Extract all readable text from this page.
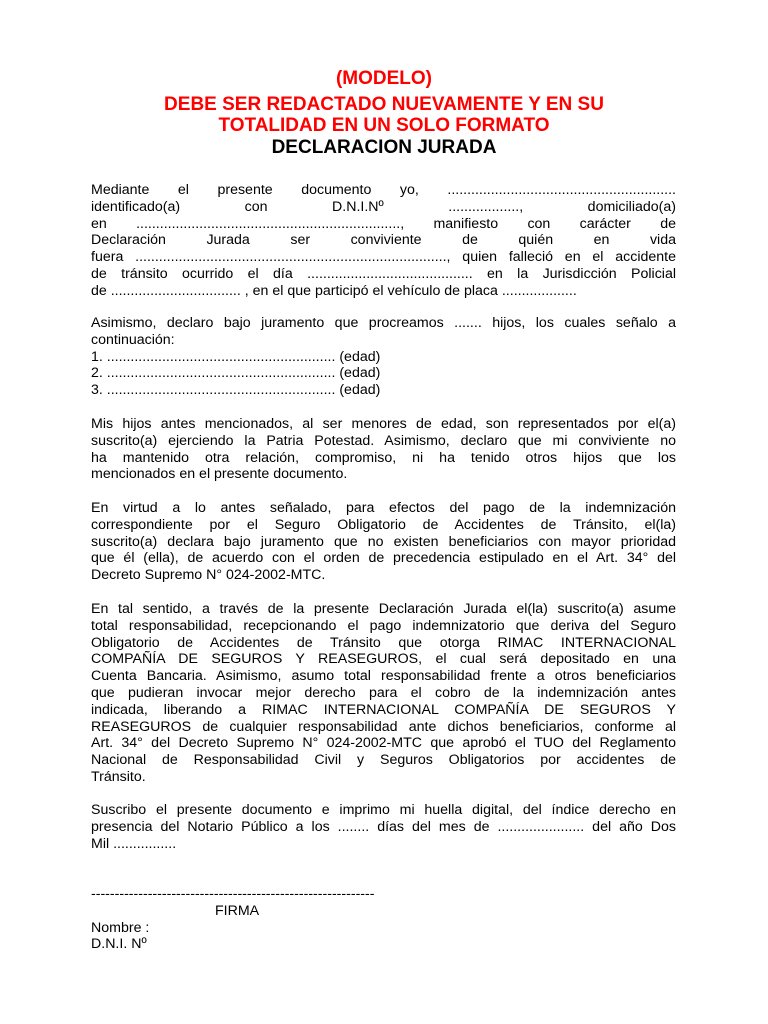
(MODELO)
DEBE SER REDACTADO NUEVAMENTE Y EN SU
TOTALIDAD EN UN SOLO FORMATO
DECLARACION JURADA

Mediante el presente documento yo, ..........................................................

identificado(a) con D.N.I.Nº .................., domiciliado(a)

en ..................................................................., manifiesto con carácter de

Declaración Jurada ser conviviente de quién en vida

fuera ..............................................................................., quien falleció en el accidente

de tránsito ocurrido el día .......................................... en la Jurisdicción Policial

de ................................. , en el que participó el vehículo de placa ...................

Asimismo, declaro bajo juramento que procreamos ....... hijos, los cuales señalo a

continuación:

1. .......................................................... (edad)

2. .......................................................... (edad)

3. .......................................................... (edad)

Mis hijos antes mencionados, al ser menores de edad, son representados por el(a)

suscrito(a) ejerciendo la Patria Potestad. Asimismo, declaro que mi conviviente no

ha mantenido otra relación, compromiso, ni ha tenido otros hijos que los

mencionados en el presente documento.

En virtud a lo antes señalado, para efectos del pago de la indemnización

correspondiente por el Seguro Obligatorio de Accidentes de Tránsito, el(la)

suscrito(a) declara bajo juramento que no existen beneficiarios con mayor prioridad

que él (ella), de acuerdo con el orden de precedencia estipulado en el Art. 34° del

Decreto Supremo N° 024-2002-MTC.

En tal sentido, a través de la presente Declaración Jurada el(la) suscrito(a) asume

total responsabilidad, recepcionando el pago indemnizatorio que deriva del Seguro

Obligatorio de Accidentes de Tránsito que otorga RIMAC INTERNACIONAL

COMPAÑÍA DE SEGUROS Y REASEGUROS, el cual será depositado en una

Cuenta Bancaria. Asimismo, asumo total responsabilidad frente a otros beneficiarios

que pudieran invocar mejor derecho para el cobro de la indemnización antes

indicada, liberando a RIMAC INTERNACIONAL COMPAÑÍA DE SEGUROS Y

REASEGUROS de cualquier responsabilidad ante dichos beneficiarios, conforme al

Art. 34° del Decreto Supremo N° 024-2002-MTC que aprobó el TUO del Reglamento

Nacional de Responsabilidad Civil y Seguros Obligatorios por accidentes de

Tránsito.

Suscribo el presente documento e imprimo mi huella digital, del índice derecho en

presencia del Notario Público a los ........ días del mes de ...................... del año Dos

Mil ................

------------------------------------------------------------

FIRMA

Nombre :

D.N.I. Nº
